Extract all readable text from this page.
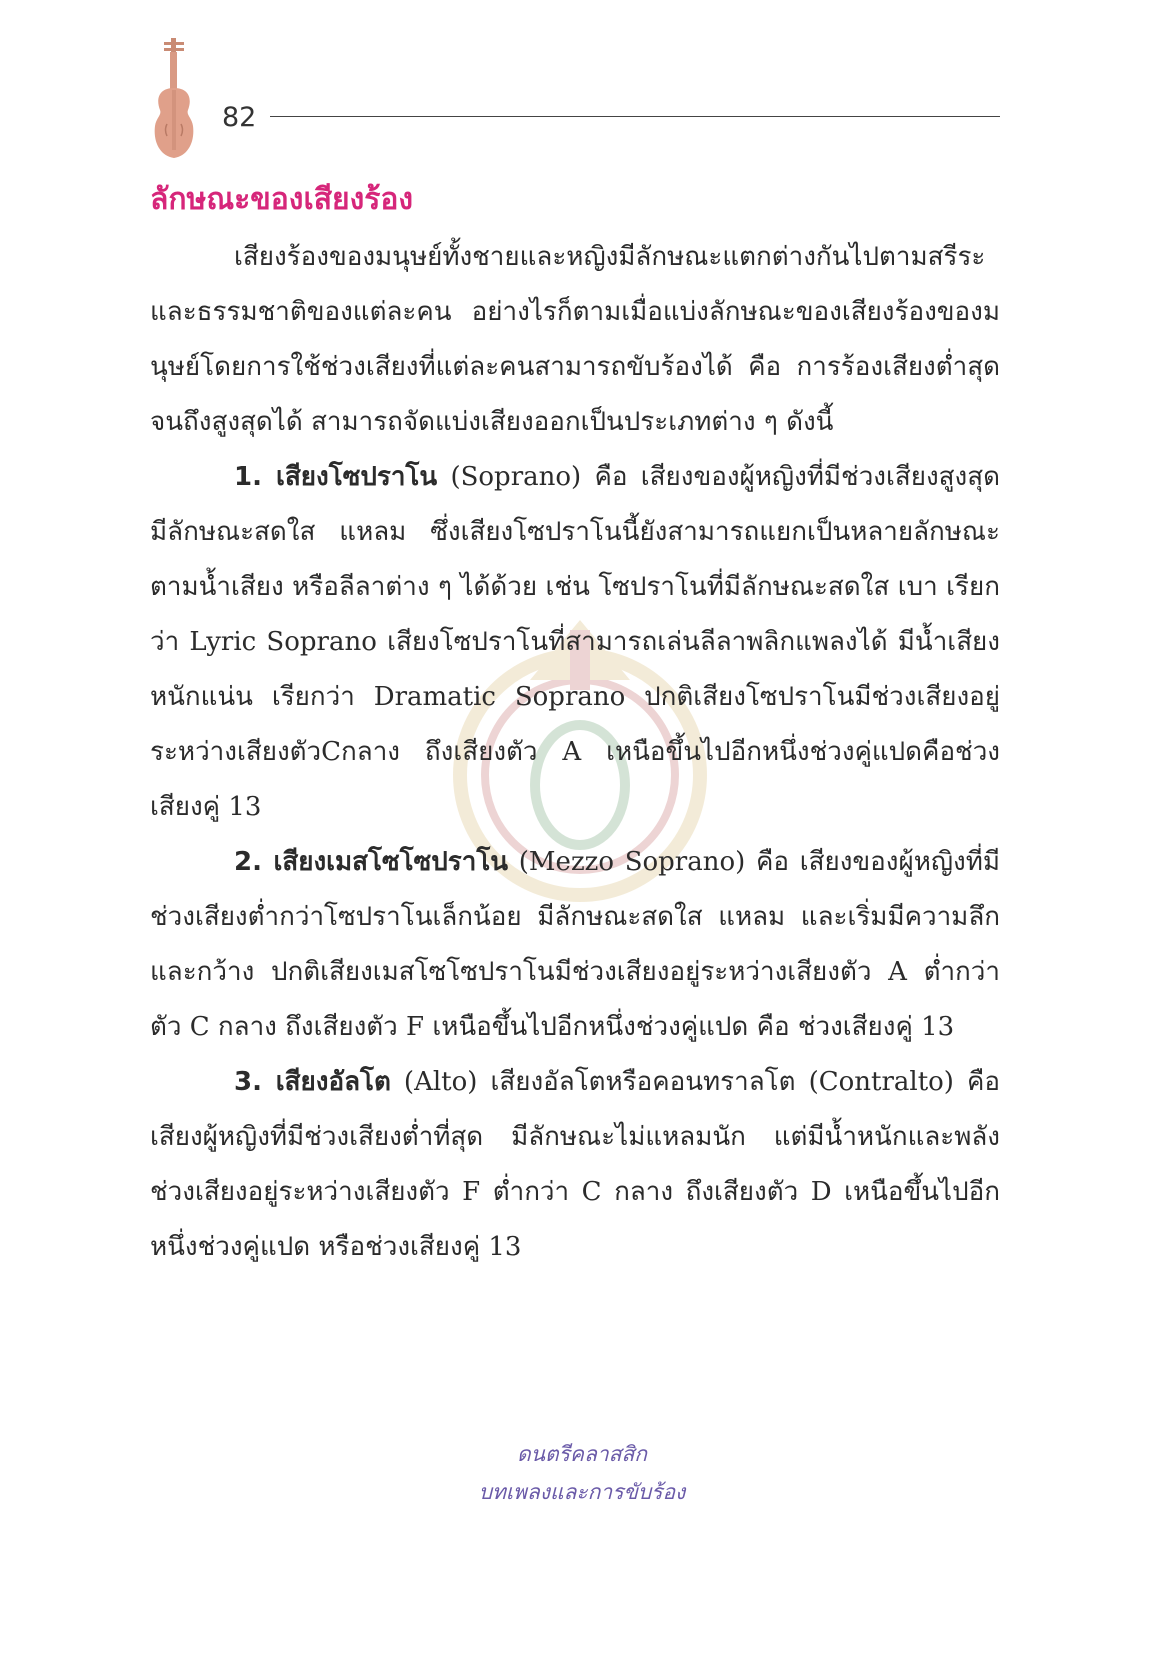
82
ลักษณะของเสียงร้อง

เสียงร้องของมนุษย์ทั้งชายและหญิงมีลักษณะแตกต่างกันไปตามสรีระและธรรมชาติของแต่ละคน อย่างไรก็ตามเมื่อแบ่งลักษณะของเสียงร้องของมนุษย์โดยการใช้ช่วงเสียงที่แต่ละคนสามารถขับร้องได้ คือ การร้องเสียงต่ำสุดจนถึงสูงสุดได้ สามารถจัดแบ่งเสียงออกเป็นประเภทต่าง ๆ ดังนี้

1. เสียงโซปราโน (Soprano) คือ เสียงของผู้หญิงที่มีช่วงเสียงสูงสุด มีลักษณะสดใส แหลม ซึ่งเสียงโซปราโนนี้ยังสามารถแยกเป็นหลายลักษณะตามน้ำเสียง หรือลีลาต่าง ๆ ได้ด้วย เช่น โซปราโนที่มีลักษณะสดใส เบา เรียกว่า Lyric Soprano เสียงโซปราโนที่สามารถเล่นลีลาพลิกแพลงได้ มีน้ำเสียงหนักแน่น เรียกว่า Dramatic Soprano ปกติเสียงโซปราโนมีช่วงเสียงอยู่ระหว่างเสียงตัวCกลาง ถึงเสียงตัว A เหนือขึ้นไปอีกหนึ่งช่วงคู่แปดคือช่วงเสียงคู่ 13

2. เสียงเมสโซโซปราโน (Mezzo Soprano) คือ เสียงของผู้หญิงที่มีช่วงเสียงต่ำกว่าโซปราโนเล็กน้อย มีลักษณะสดใส แหลม และเริ่มมีความลึกและกว้าง ปกติเสียงเมสโซโซปราโนมีช่วงเสียงอยู่ระหว่างเสียงตัว A ต่ำกว่าตัว C กลาง ถึงเสียงตัว F เหนือขึ้นไปอีกหนึ่งช่วงคู่แปด คือ ช่วงเสียงคู่ 13

3. เสียงอัลโต (Alto) เสียงอัลโตหรือคอนทราลโต (Contralto) คือเสียงผู้หญิงที่มีช่วงเสียงต่ำที่สุด มีลักษณะไม่แหลมนัก แต่มีน้ำหนักและพลัง ช่วงเสียงอยู่ระหว่างเสียงตัว F ต่ำกว่า C กลาง ถึงเสียงตัว D เหนือขึ้นไปอีกหนึ่งช่วงคู่แปด หรือช่วงเสียงคู่ 13

ดนตรีคลาสสิก
บทเพลงและการขับร้อง
